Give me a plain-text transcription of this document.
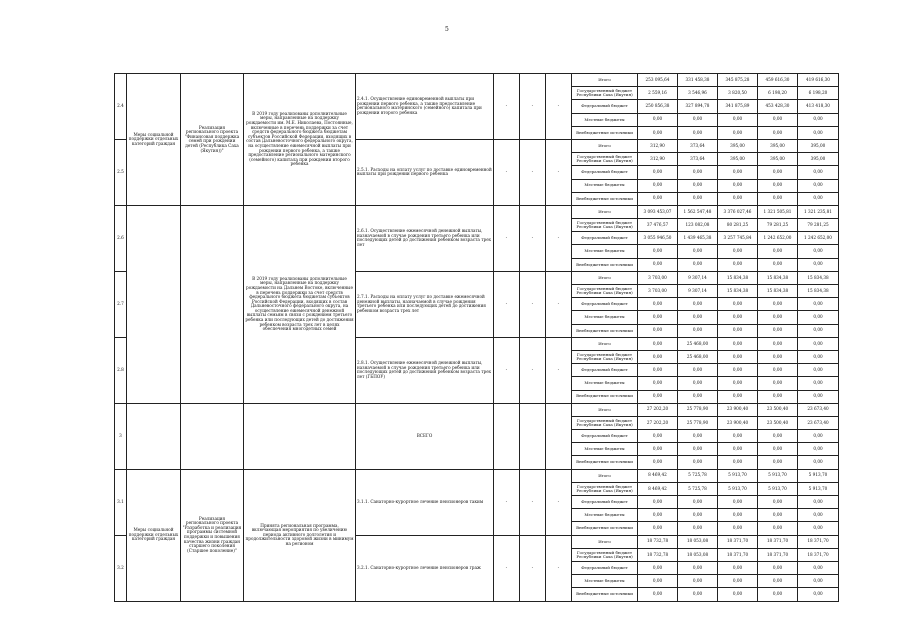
5
2.4	Меры социальной поддержки отдельных категорий граждан	Реализация регионального проекта "Финансовая поддержка семей при рождении детей (Республика Саха (Якутия))"	В 2019 году реализованы дополнительные меры, направленные на поддержку рождаемости им. М.Е. Николаева, Постоянные, включенные в перечень поддержки за счет средств федерального бюджета бюджетам субъектов Российской Федерации, входящих в состав Дальневосточного федерального округа, на осуществление ежемесячной выплаты при рождении первого ребенка, а также предоставление регионального материнского (семейного) капитала при рождении второго ребенка	2.4.1. Осуществление единовременной выплаты при рождении первого ребенка, а также предоставление регионального материнского (семейного) капитала при рождении второго ребенка	-	-	-	Итого	253 095,64	331 458,38	345 875,28	459 616,30	419 616,30
								Государственный бюджет Республики Саха (Якутия)	2 559,16	3 546,96	3 820,50	6 198,20	6 198,20
								Федеральный бюджет	250 856,38	327 894,78	341 875,89	453 428,30	413 418,30
								Местные бюджеты	0,00	0,00	0,00	0,00	0,00
								Внебюджетные источники	0,00	0,00	0,00	0,00	0,00
2.5				2.5.1. Расходы на оплату услуг по доставке единовременной выплаты при рождении первого ребенка	-	-	-	Итого	312,90	373,64	395,00	395,00	395,00
								Государственный бюджет Республики Саха (Якутия)	312,90	373,64	395,00	395,00	395,00
								Федеральный бюджет	0,00	0,00	0,00	0,00	0,00
								Местные бюджеты	0,00	0,00	0,00	0,00	0,00
								Внебюджетные источники	0,00	0,00	0,00	0,00	0,00
2.6			В 2019 году реализованы дополнительные меры, направленные на поддержку рождаемости на Дальнем Востоке, включенные в перечень поддержки за счет средств федерального бюджета бюджетам субъектов Российской Федерации, входящих в состав Дальневосточного федерального округа, на осуществление ежемесячной денежной выплаты семьям в связи с рождением третьего ребенка или последующих детей до достижения ребенком возраста трех лет в целях обеспечения многодетных семей	2.6.1. Осуществление ежемесячной денежной выплаты, назначаемой в случае рождения третьего ребенка или последующих детей до достижения ребенком возраста трех лет	-	-	-	Итого	3 093 453,07	1 562 547,48	3 376 027,46	1 321 505,81	1 321 235,81
								Государственный бюджет Республики Саха (Якутия)	37 476,57	123 082,08	80 281,25	79 281,25	79 281,25
								Федеральный бюджет	3 055 946,50	1 439 465,38	3 257 745,84	1 242 652,00	1 242 652,00
								Местные бюджеты	0,00	0,00	0,00	0,00	0,00
								Внебюджетные источники	0,00	0,00	0,00	0,00	0,00
2.7				2.7.1. Расходы на оплату услуг по доставке ежемесячной денежной выплаты, назначаемой в случае рождения третьего ребенка или последующих детей до достижения ребенком возраста трех лет	-	-	-	Итого	3 703,00	9 307,14	15 834,38	15 834,38	15 834,38
								Государственный бюджет Республики Саха (Якутия)	3 703,00	9 307,14	15 834,38	15 834,38	15 834,38
								Федеральный бюджет	0,00	0,00	0,00	0,00	0,00
								Местные бюджеты	0,00	0,00	0,00	0,00	0,00
								Внебюджетные источники	0,00	0,00	0,00	0,00	0,00
2.8				2.8.1. Осуществление ежемесячной денежной выплаты, назначаемой в случае рождения третьего ребенка или последующих детей до достижения ребенком возраста трех лет (ГБПОУ)	-	-	-	Итого	0,00	25 468,00	0,00	0,00	0,00
								Государственный бюджет Республики Саха (Якутия)	0,00	25 468,00	0,00	0,00	0,00
								Федеральный бюджет	0,00	0,00	0,00	0,00	0,00
								Местные бюджеты	0,00	0,00	0,00	0,00	0,00
								Внебюджетные источники	0,00	0,00	0,00	0,00	0,00
3				ВСЕГО				Итого	27 202,20	25 778,90	23 900,40	23 500,40	23 673,40
								Государственный бюджет Республики Саха (Якутия)	27 202,20	25 778,90	23 900,40	23 500,40	23 673,40
								Федеральный бюджет	0,00	0,00	0,00	0,00	0,00
								Местные бюджеты	0,00	0,00	0,00	0,00	0,00
								Внебюджетные источники	0,00	0,00	0,00	0,00	0,00
3.1	Меры социальной поддержки отдельных категорий граждан	Реализация регионального проекта "Разработка и реализация программы системной поддержки и повышения качества жизни граждан старшего поколения (Старшее поколение)"	Принята региональная программа, включающая мероприятия по увеличению периода активного долголетия и продолжительности здоровой жизни в минимум на регионом	3.1.1. Санаторно-курортное лечение пенсионеров таким	-	-	-	Итого	8 469,42	5 725,78	5 913,70	5 913,70	5 913,70
								Государственный бюджет Республики Саха (Якутия)	8 469,42	5 725,78	5 913,70	5 913,70	5 913,70
								Федеральный бюджет	0,00	0,00	0,00	0,00	0,00
								Местные бюджеты	0,00	0,00	0,00	0,00	0,00
								Внебюджетные источники	0,00	0,00	0,00	0,00	0,00
3.2				3.2.1. Санаторно-курортное лечение пенсионеров граж	-	-	-	Итого	18 732,78	18 053,08	18 371,70	18 371,70	18 371,70
								Государственный бюджет Республики Саха (Якутия)	18 732,78	18 053,08	18 371,70	18 371,70	18 371,70
								Федеральный бюджет	0,00	0,00	0,00	0,00	0,00
								Местные бюджеты	0,00	0,00	0,00	0,00	0,00
								Внебюджетные источники	0,00	0,00	0,00	0,00	0,00
